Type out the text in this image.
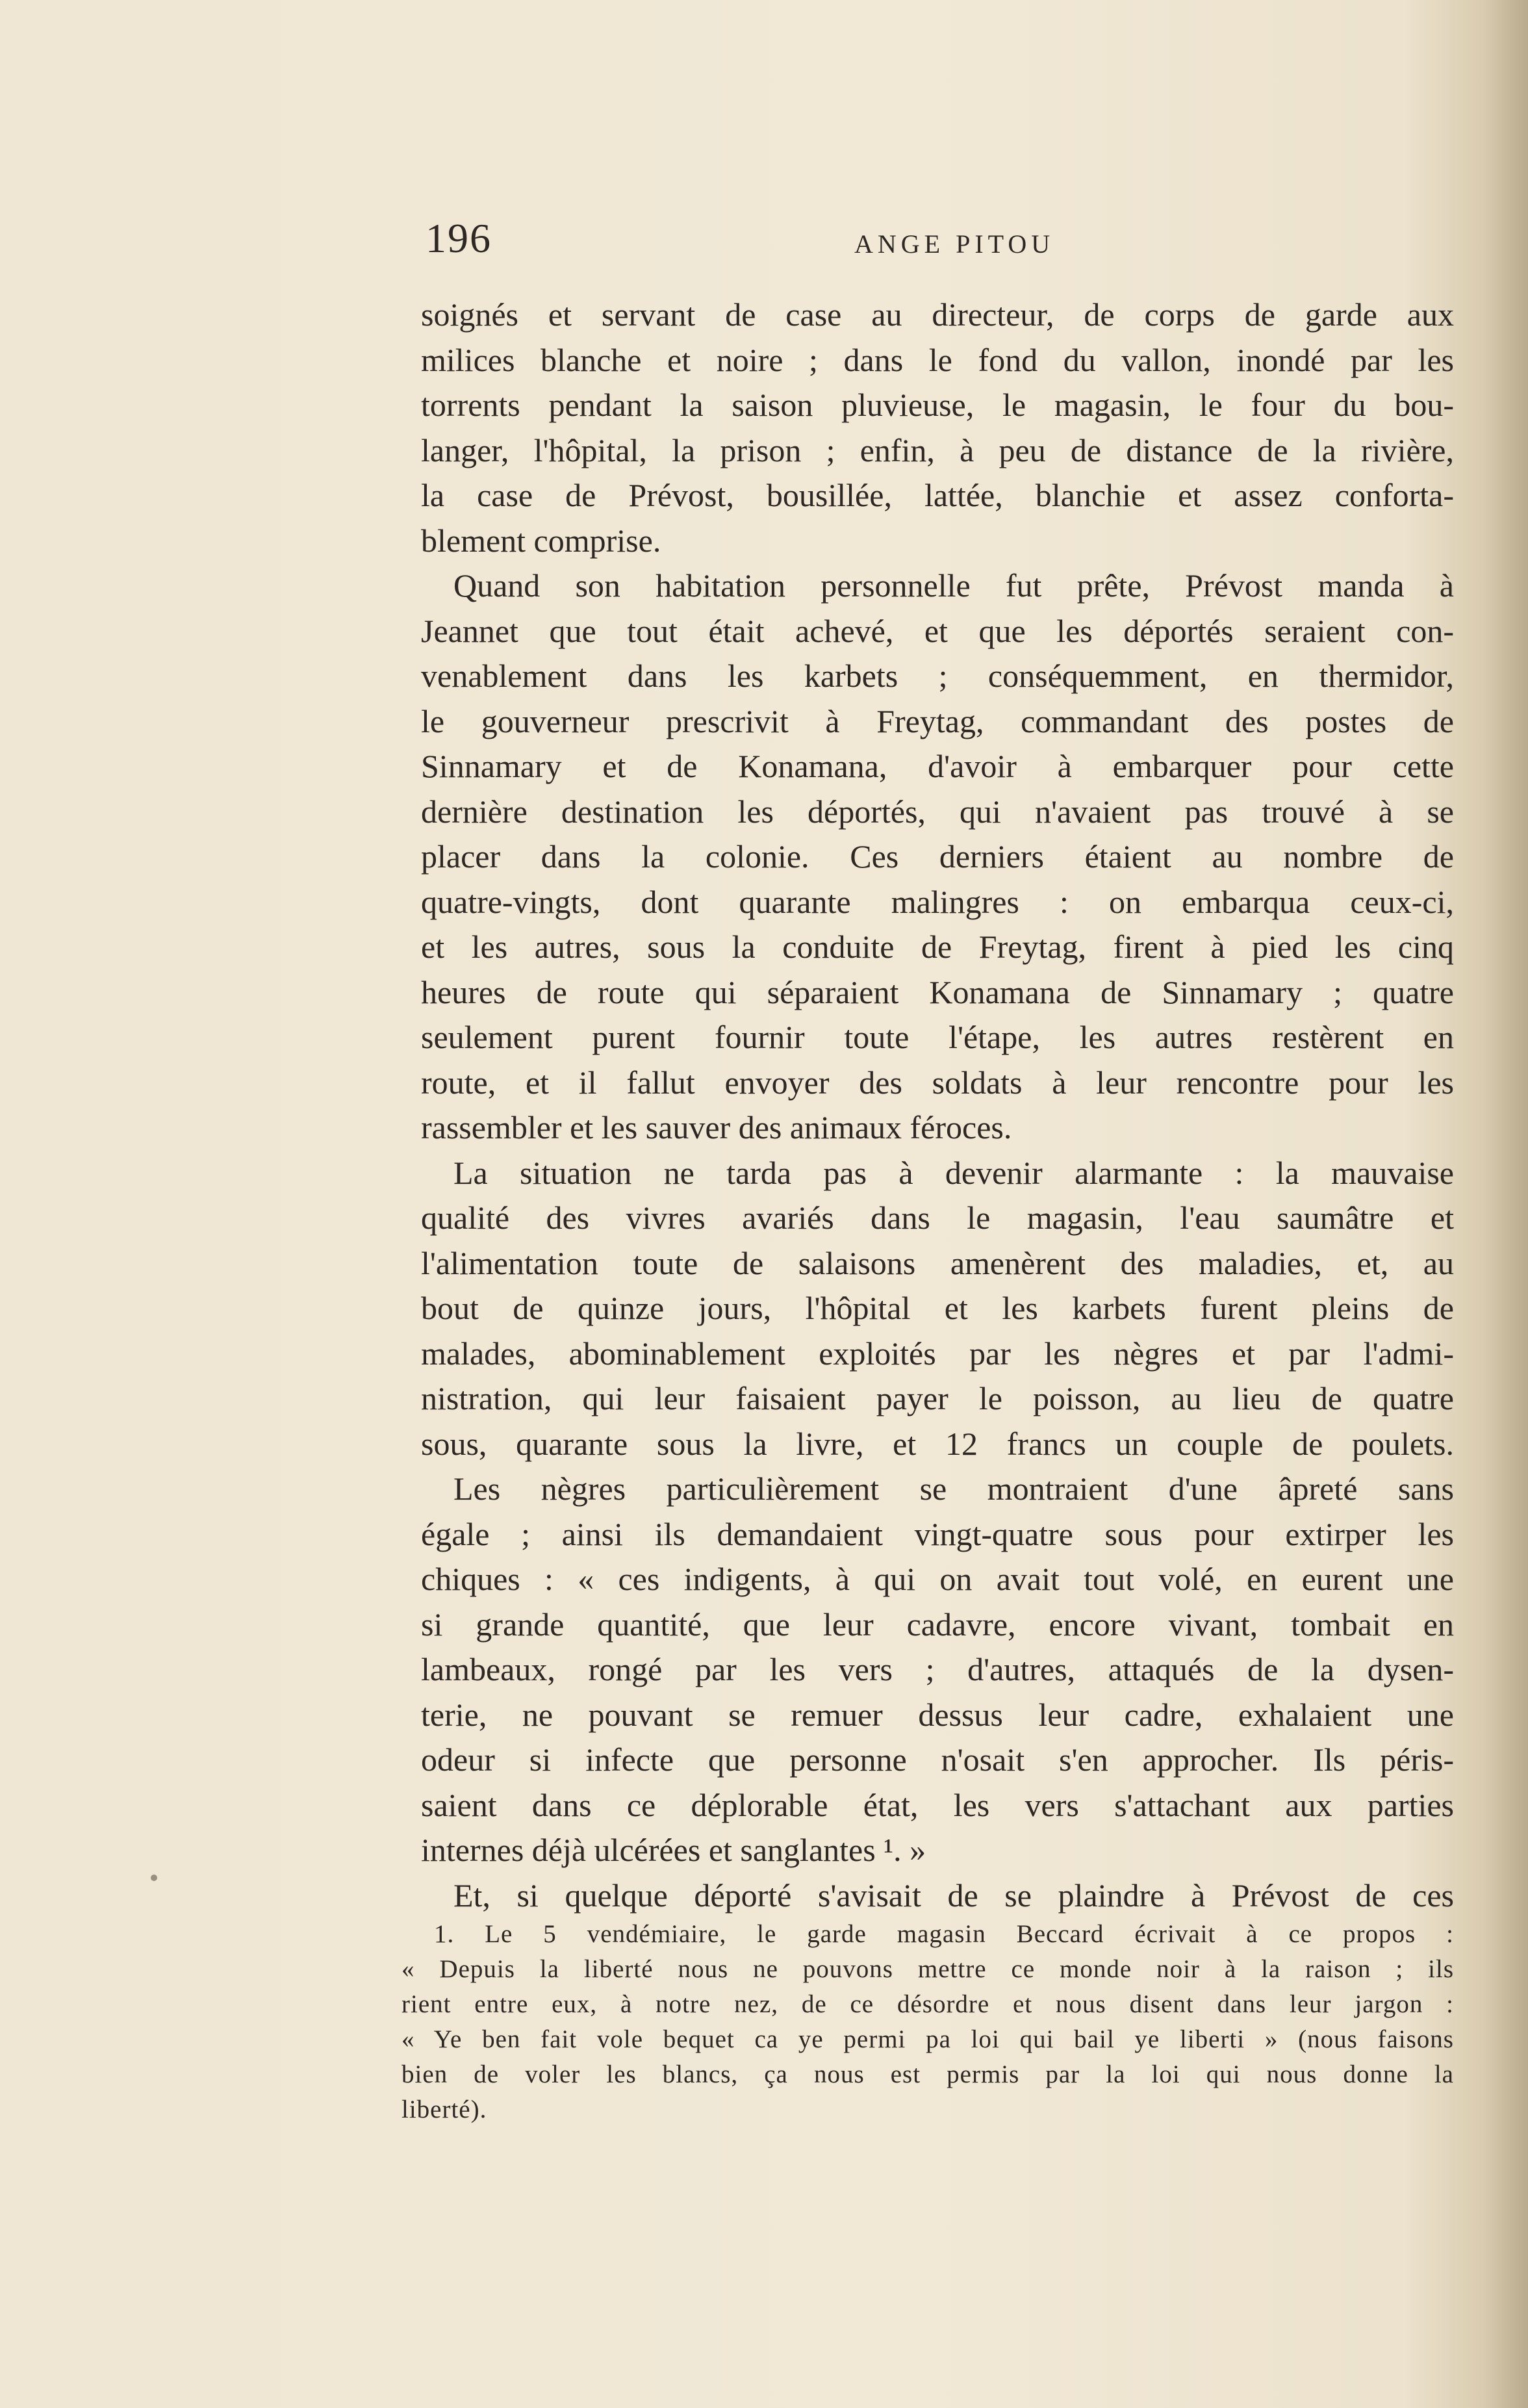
196	ANGE PITOU
soignés et servant de case au directeur, de corps de garde aux
milices blanche et noire ; dans le fond du vallon, inondé par les
torrents pendant la saison pluvieuse, le magasin, le four du bou-
langer, l'hôpital, la prison ; enfin, à peu de distance de la rivière,
la case de Prévost, bousillée, lattée, blanchie et assez conforta-
blement comprise.
Quand son habitation personnelle fut prête, Prévost manda à
Jeannet que tout était achevé, et que les déportés seraient con-
venablement dans les karbets ; conséquemment, en thermidor,
le gouverneur prescrivit à Freytag, commandant des postes de
Sinnamary et de Konamana, d'avoir à embarquer pour cette
dernière destination les déportés, qui n'avaient pas trouvé à se
placer dans la colonie. Ces derniers étaient au nombre de
quatre-vingts, dont quarante malingres : on embarqua ceux-ci,
et les autres, sous la conduite de Freytag, firent à pied les cinq
heures de route qui séparaient Konamana de Sinnamary ; quatre
seulement purent fournir toute l'étape, les autres restèrent en
route, et il fallut envoyer des soldats à leur rencontre pour les
rassembler et les sauver des animaux féroces.
La situation ne tarda pas à devenir alarmante : la mauvaise
qualité des vivres avariés dans le magasin, l'eau saumâtre et
l'alimentation toute de salaisons amenèrent des maladies, et, au
bout de quinze jours, l'hôpital et les karbets furent pleins de
malades, abominablement exploités par les nègres et par l'admi-
nistration, qui leur faisaient payer le poisson, au lieu de quatre
sous, quarante sous la livre, et 12 francs un couple de poulets.
Les nègres particulièrement se montraient d'une âpreté sans
égale ; ainsi ils demandaient vingt-quatre sous pour extirper les
chiques : « ces indigents, à qui on avait tout volé, en eurent une
si grande quantité, que leur cadavre, encore vivant, tombait en
lambeaux, rongé par les vers ; d'autres, attaqués de la dysen-
terie, ne pouvant se remuer dessus leur cadre, exhalaient une
odeur si infecte que personne n'osait s'en approcher. Ils péris-
saient dans ce déplorable état, les vers s'attachant aux parties
internes déjà ulcérées et sanglantes ¹. »
Et, si quelque déporté s'avisait de se plaindre à Prévost de ces
1. Le 5 vendémiaire, le garde magasin Beccard écrivait à ce propos :
« Depuis la liberté nous ne pouvons mettre ce monde noir à la raison ; ils
rient entre eux, à notre nez, de ce désordre et nous disent dans leur jargon :
« Ye ben fait vole bequet ca ye permi pa loi qui bail ye liberti » (nous faisons
bien de voler les blancs, ça nous est permis par la loi qui nous donne la
liberté).
